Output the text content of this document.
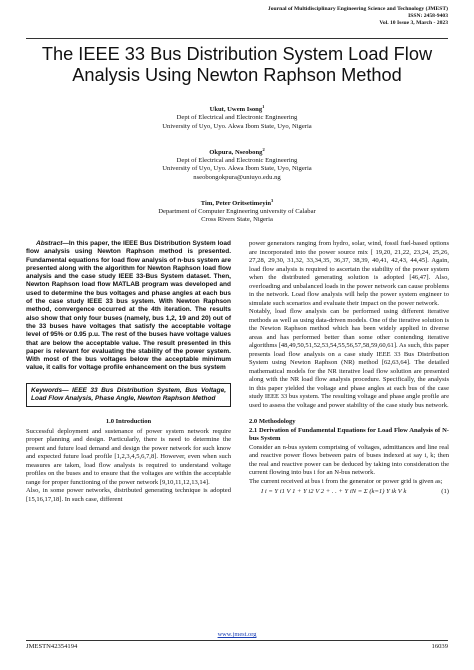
Journal of Multidisciplinary Engineering Science and Technology (JMEST)
ISSN: 2458-9403
Vol. 10 Issue 3, March - 2023
The IEEE 33 Bus Distribution System Load Flow Analysis Using Newton Raphson Method
Ukut, Uwem Isong$^1$
Dept of Electrical and Electronic Engineering
University of Uyo, Uyo. Akwa Ibom State, Uyo, Nigeria
Okpura, Nseobong$^2$
Dept of Electrical and Electronic Engineering
University of Uyo, Uyo. Akwa Ibom State, Uyo, Nigeria
nseobongokpura@uniuyo.edu.ng
Tim, Peter Oritsetimeyin$^3$
Department of Computer Engineering university of Calabar
Cross Rivers State, Nigeria

Abstract—In this paper, the IEEE Bus Distribution System load flow analysis using Newton Raphson method is presented. Fundamental equations for load flow analysis of n-bus system are presented along with the algorithm for Newton Raphson load flow analysis and the case study IEEE 33-Bus System dataset. Then, Newton Raphson load flow MATLAB program was developed and used to determine the bus voltages and phase angles at each bus of the case study IEEE 33 bus system. With Newton Raphson method, convergence occurred at the 4th iteration. The results also show that only four buses (namely, bus 1,2, 19 and 20) out of the 33 buses have voltages that satisfy the acceptable voltage level of 95% or 0.95 p.u. The rest of the buses have voltage values that are below the acceptable value. The result presented in this paper is relevant for evaluating the stability of the power system. With most of the bus voltages below the acceptable minimum value, it calls for voltage profile enhancement on the bus system

Keywords— IEEE 33 Bus Distribution System, Bus Voltage, Load Flow Analysis, Phase Angle, Newton Raphson Method
1.0 Introduction

Successful deployment and sustenance of power system network require proper planning and design. Particularly, there is need to determine the present and future load demand and design the power network for such know and expected future load profile [1,2,3,4,5,6,7,8]. However, even when such measures are taken, load flow analysis is required to understand voltage profiles on the buses and to ensure that the voltages are within the acceptable range for proper functioning of the power network [9,10,11,12,13,14].

Also, in some power networks, distributed generating technique is adopted [15,16,17,18]. In such case, different

power generators ranging from hydro, solar, wind, fossil fuel-based options are incorporated into the power source mix [ 19,20, 21,22, 23,24, 25,26, 27,28, 29,30, 31,32, 33,34,35, 36,37, 38,39, 40,41, 42,43, 44,45]. Again, load flow analysis is required to ascertain the stability of the power system when the distributed generating solution is adopted [46,47]. Also, overloading and unbalanced loads in the power network can cause problems in the network. Load flow analysis will help the power system engineer to simulate such scenarios and evaluate their impact on the power network.

Notably, load flow analysis can be performed using different iterative methods as well as using data-driven models. One of the iterative solution is the Newton Raphson method which has been widely applied in diverse areas and has performed better than some other contending iterative algorithms [48,49,50,51,52,53,54,55,56,57,58,59,60,61]. As such, this paper presents load flow analysis on a case study IEEE 33 Bus Distribution System using Newton Raphson (NR) method [62,63,64]. The detailed mathematical models for the NR iterative load flow solution are presented along with the NR load flow analysis procedure. Specifically, the analysis in this paper yielded the voltage and phase angles at each bus of the case study IEEE 33 bus system. The resulting voltage and phase angle profile are used to assess the voltage and power stability of the case study bus network.

2.0 Methodology
2.1 Derivation of Fundamental Equations for Load Flow Analysis of N-bus System

Consider an n-bus system comprising of voltages, admittances and line real and reactive power flows between pairs of buses indexed at say i, k; then the real and reactive power can be deduced by taking into consideration the current flowing into bus i for an N-bus network.

The current received at bus i from the generator or power grid is given as;

I i = Y i1 V 1 + Y i2 V 2 + . . + Y iN = Σ (k=1) Y ik V k	(1)
www.jmest.org
JMESTN42354194	16039
